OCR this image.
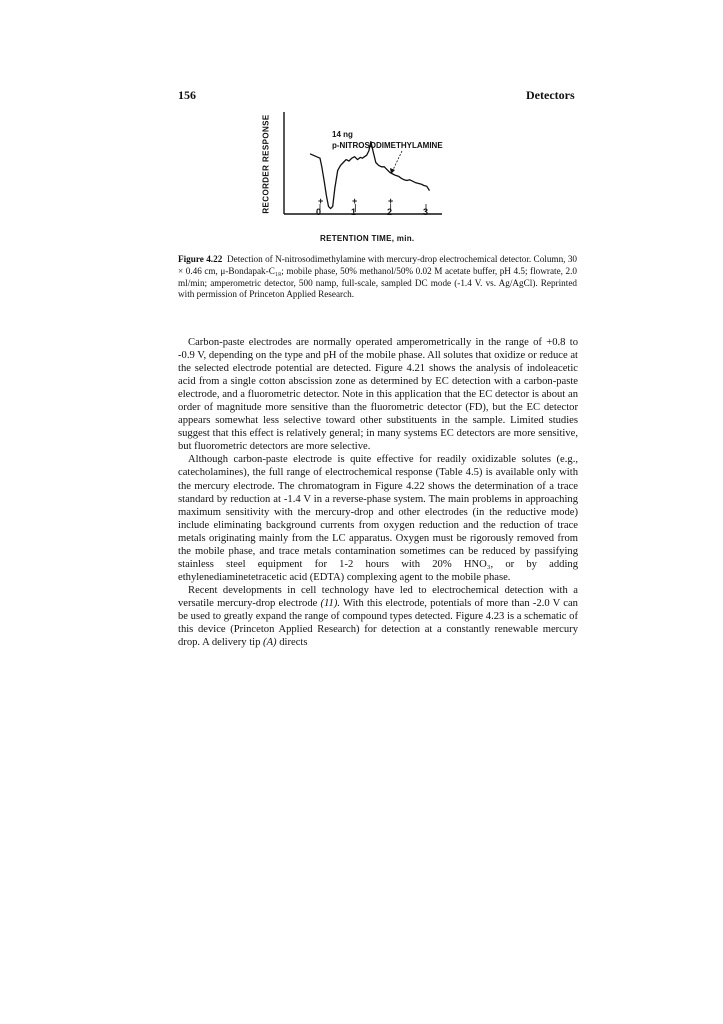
156	Detectors
RECORDER RESPONSE	14 ng
p-NITROSODIMETHYLAMINE
+	+	+
0	1	2	3
RETENTION TIME, min.

Figure 4.22 Detection of N-nitrosodimethylamine with mercury-drop electrochemical detector. Column, 30 × 0.46 cm, μ-Bondapak-C₁₈; mobile phase, 50% methanol/50% 0.02 M acetate buffer, pH 4.5; flowrate, 2.0 ml/min; amperometric detector, 500 namp, full-scale, sampled DC mode (-1.4 V. vs. Ag/AgCl). Reprinted with permission of Princeton Applied Research.

Carbon-paste electrodes are normally operated amperometrically in the range of +0.8 to -0.9 V, depending on the type and pH of the mobile phase. All solutes that oxidize or reduce at the selected electrode potential are detected. Figure 4.21 shows the analysis of indoleacetic acid from a single cotton abscission zone as determined by EC detection with a carbon-paste electrode, and a fluorometric detector. Note in this application that the EC detector is about an order of magnitude more sensitive than the fluorometric detector (FD), but the EC detector appears somewhat less selective toward other substituents in the sample. Limited studies suggest that this effect is relatively general; in many systems EC detectors are more sensitive, but fluorometric detectors are more selective.

Although carbon-paste electrode is quite effective for readily oxidizable solutes (e.g., catecholamines), the full range of electrochemical response (Table 4.5) is available only with the mercury electrode. The chromatogram in Figure 4.22 shows the determination of a trace standard by reduction at -1.4 V in a reverse-phase system. The main problems in approaching maximum sensitivity with the mercury-drop and other electrodes (in the reductive mode) include eliminating background currents from oxygen reduction and the reduction of trace metals originating mainly from the LC apparatus. Oxygen must be rigorously removed from the mobile phase, and trace metals contamination sometimes can be reduced by passifying stainless steel equipment for 1-2 hours with 20% HNO₃, or by adding ethylenediaminetetracetic acid (EDTA) complexing agent to the mobile phase.

Recent developments in cell technology have led to electrochemical detection with a versatile mercury-drop electrode (11). With this electrode, potentials of more than -2.0 V can be used to greatly expand the range of compound types detected. Figure 4.23 is a schematic of this device (Princeton Applied Research) for detection at a constantly renewable mercury drop. A delivery tip (A) directs
